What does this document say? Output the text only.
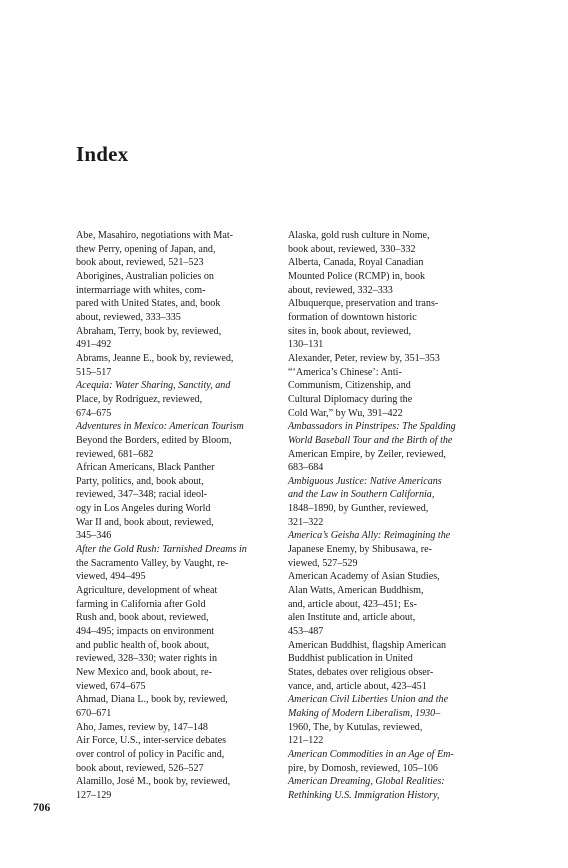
Index

Abe, Masahiro, negotiations with Mat-

thew Perry, opening of Japan, and,

book about, reviewed, 521–523

Aborigines, Australian policies on

intermarriage with whites, com-

pared with United States, and, book

about, reviewed, 333–335

Abraham, Terry, book by, reviewed,

491–492

Abrams, Jeanne E., book by, reviewed,

515–517

Acequia: Water Sharing, Sanctity, and

Place, by Rodríguez, reviewed,

674–675

Adventures in Mexico: American Tourism

Beyond the Borders, edited by Bloom,

reviewed, 681–682

African Americans, Black Panther

Party, politics, and, book about,

reviewed, 347–348; racial ideol-

ogy in Los Angeles during World

War II and, book about, reviewed,

345–346

After the Gold Rush: Tarnished Dreams in

the Sacramento Valley, by Vaught, re-

viewed, 494–495

Agriculture, development of wheat

farming in California after Gold

Rush and, book about, reviewed,

494–495; impacts on environment

and public health of, book about,

reviewed, 328–330; water rights in

New Mexico and, book about, re-

viewed, 674–675

Ahmad, Diana L., book by, reviewed,

670–671

Aho, James, review by, 147–148

Air Force, U.S., inter-service debates

over control of policy in Pacific and,

book about, reviewed, 526–527

Alamillo, José M., book by, reviewed,

127–129

Alaska, gold rush culture in Nome,

book about, reviewed, 330–332

Alberta, Canada, Royal Canadian

Mounted Police (RCMP) in, book

about, reviewed, 332–333

Albuquerque, preservation and trans-

formation of downtown historic

sites in, book about, reviewed,

130–131

Alexander, Peter, review by, 351–353

“‘America’s Chinese’: Anti-

Communism, Citizenship, and

Cultural Diplomacy during the

Cold War,” by Wu, 391–422

Ambassadors in Pinstripes: The Spalding

World Baseball Tour and the Birth of the

American Empire, by Zeiler, reviewed,

683–684

Ambiguous Justice: Native Americans

and the Law in Southern California,

1848–1890, by Gunther, reviewed,

321–322

America’s Geisha Ally: Reimagining the

Japanese Enemy, by Shibusawa, re-

viewed, 527–529

American Academy of Asian Studies,

Alan Watts, American Buddhism,

and, article about, 423–451; Es-

alen Institute and, article about,

453–487

American Buddhist, flagship American

Buddhist publication in United

States, debates over religious obser-

vance, and, article about, 423–451

American Civil Liberties Union and the

Making of Modern Liberalism, 1930–

1960, The, by Kutulas, reviewed,

121–122

American Commodities in an Age of Em-

pire, by Domosh, reviewed, 105–106

American Dreaming, Global Realities:

Rethinking U.S. Immigration History,

706
